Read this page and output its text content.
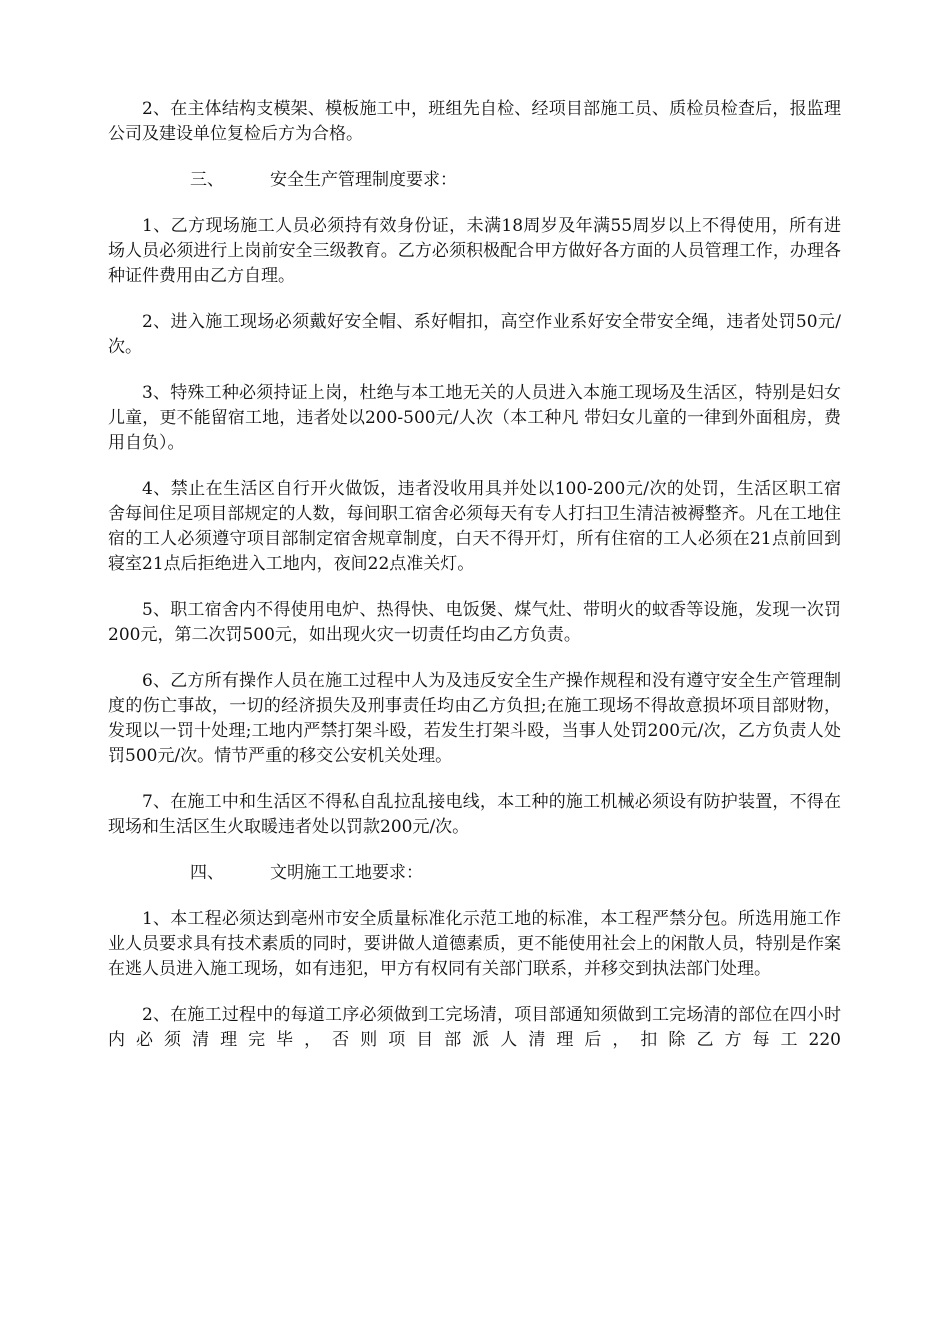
2、在主体结构支模架、模板施工中，班组先自检、经项目部施工员、质检员检查后，报监理公司及建设单位复检后方为合格。

三、	安全生产管理制度要求：

1、乙方现场施工人员必须持有效身份证，未满18周岁及年满55周岁以上不得使用，所有进场人员必须进行上岗前安全三级教育。乙方必须积极配合甲方做好各方面的人员管理工作，办理各种证件费用由乙方自理。

2、进入施工现场必须戴好安全帽、系好帽扣，高空作业系好安全带安全绳，违者处罚50元/次。

3、特殊工种必须持证上岗，杜绝与本工地无关的人员进入本施工现场及生活区，特别是妇女儿童，更不能留宿工地，违者处以200-500元/人次（本工种凡 带妇女儿童的一律到外面租房，费用自负）。

4、禁止在生活区自行开火做饭，违者没收用具并处以100-200元/次的处罚，生活区职工宿舍每间住足项目部规定的人数，每间职工宿舍必须每天有专人打扫卫生清洁被褥整齐。凡在工地住宿的工人必须遵守项目部制定宿舍规章制度，白天不得开灯，所有住宿的工人必须在21点前回到寝室21点后拒绝进入工地内，夜间22点准关灯。

5、职工宿舍内不得使用电炉、热得快、电饭煲、煤气灶、带明火的蚊香等设施，发现一次罚200元，第二次罚500元，如出现火灾一切责任均由乙方负责。

6、乙方所有操作人员在施工过程中人为及违反安全生产操作规程和没有遵守安全生产管理制度的伤亡事故，一切的经济损失及刑事责任均由乙方负担;在施工现场不得故意损坏项目部财物，发现以一罚十处理;工地内严禁打架斗殴，若发生打架斗殴，当事人处罚200元/次，乙方负责人处罚500元/次。情节严重的移交公安机关处理。

7、在施工中和生活区不得私自乱拉乱接电线，本工种的施工机械必须设有防护装置，不得在现场和生活区生火取暖违者处以罚款200元/次。

四、	文明施工工地要求：

1、本工程必须达到亳州市安全质量标准化示范工地的标准，本工程严禁分包。所选用施工作业人员要求具有技术素质的同时，要讲做人道德素质，更不能使用社会上的闲散人员，特别是作案在逃人员进入施工现场，如有违犯，甲方有权同有关部门联系，并移交到执法部门处理。

2、在施工过程中的每道工序必须做到工完场清，项目部通知须做到工完场清的部位在四小时内必须清理完毕，否则项目部派人清理后，扣除乙方每工220
